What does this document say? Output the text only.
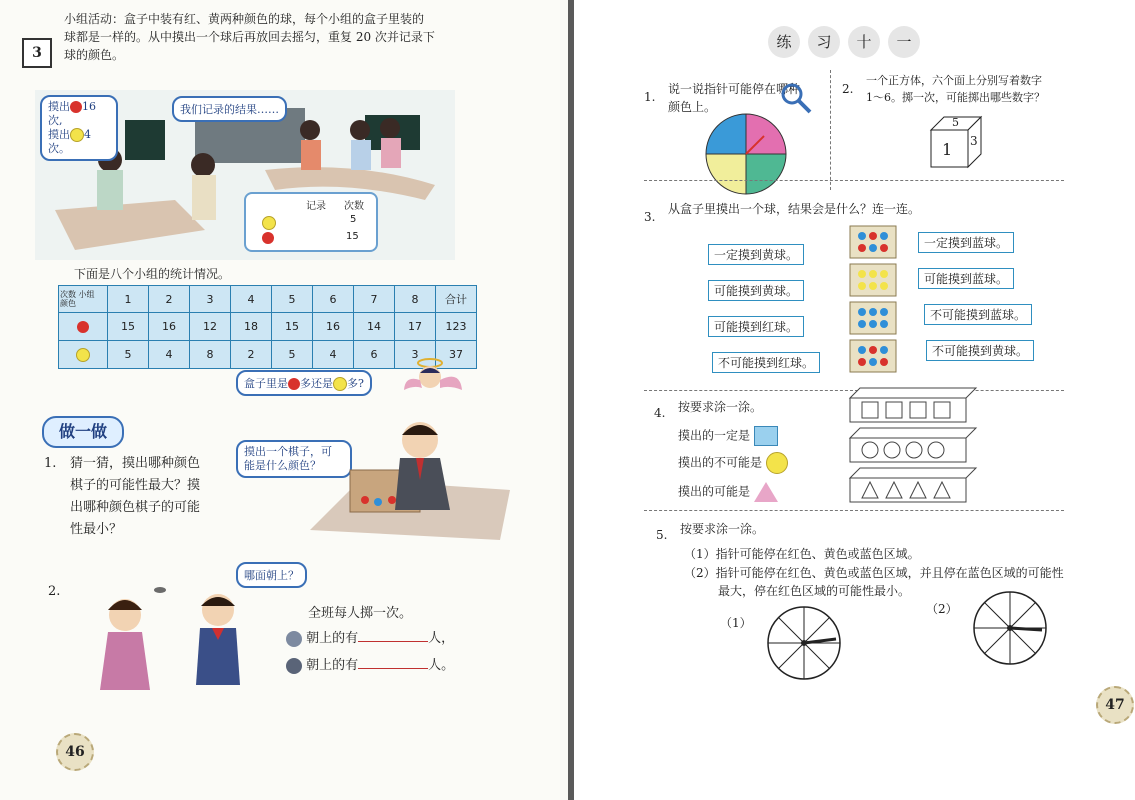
3
小组活动：盒子中装有红、黄两种颜色的球，每个小组的盒子里装的
球都是一样的。从中摸出一个球后再放回去摇匀，重复 20 次并记录下
球的颜色。
摸出 16 次,
摸出 4 次。
我们记录的结果……
记录 次数
5
15
下面是八个小组的统计情况。
次数 小组
颜色	1	2	3	4	5	6	7	8	合计
	15	16	12	18	15	16	14	17	123
	5	4	8	2	5	4	6	3	37
盒子里是 多还是 多?
做一做
1. 猜一猜，摸出哪种颜色
棋子的可能性最大？摸
出哪种颜色棋子的可能
性最小？
摸出一个棋子，可
能是什么颜色？
2.
哪面朝上？
全班每人掷一次。
朝上的有	人，
朝上的有	人。
46
练	习	十	一
1.
说一说指针可能停在哪种
颜色上。
2.
一个正方体，六个面上分别写着数字
1～6。掷一次，可能掷出哪些数字？
5
1 3
3.
从盒子里摸出一个球，结果会是什么？连一连。
一定摸到黄球。
可能摸到黄球。
可能摸到红球。
不可能摸到红球。
一定摸到蓝球。
可能摸到蓝球。
不可能摸到蓝球。
不可能摸到黄球。
4. 按要求涂一涂。
摸出的一定是
摸出的不可能是
摸出的可能是
5. 按要求涂一涂。
（1）指针可能停在红色、黄色或蓝色区域。
（2）指针可能停在红色、黄色或蓝色区域，并且停在蓝色区域的可能性
最大，停在红色区域的可能性最小。
（1）
（2）
47
